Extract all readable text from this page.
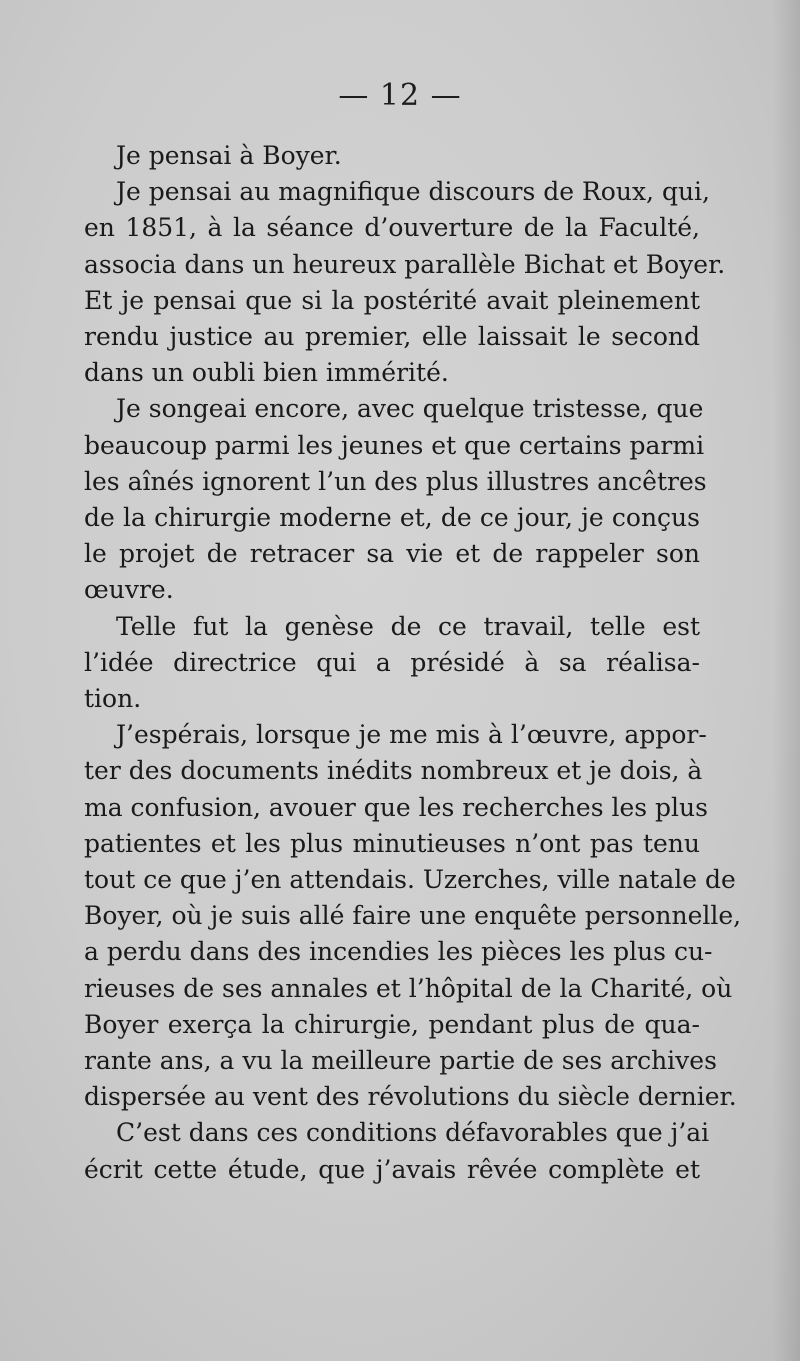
— 12 —
Je pensai à Boyer.
Je pensai au magnifique discours de Roux, qui,
en 1851, à la séance d’ouverture de la Faculté,
associa dans un heureux parallèle Bichat et Boyer.
Et je pensai que si la postérité avait pleinement
rendu justice au premier, elle laissait le second
dans un oubli bien immérité.
Je songeai encore, avec quelque tristesse, que
beaucoup parmi les jeunes et que certains parmi
les aînés ignorent l’un des plus illustres ancêtres
de la chirurgie moderne et, de ce jour, je conçus
le projet de retracer sa vie et de rappeler son
œuvre.
Telle fut la genèse de ce travail, telle est
l’idée directrice qui a présidé à sa réalisa-
tion.
J’espérais, lorsque je me mis à l’œuvre, appor-
ter des documents inédits nombreux et je dois, à
ma confusion, avouer que les recherches les plus
patientes et les plus minutieuses n’ont pas tenu
tout ce que j’en attendais. Uzerches, ville natale de
Boyer, où je suis allé faire une enquête personnelle,
a perdu dans des incendies les pièces les plus cu-
rieuses de ses annales et l’hôpital de la Charité, où
Boyer exerça la chirurgie, pendant plus de qua-
rante ans, a vu la meilleure partie de ses archives
dispersée au vent des révolutions du siècle dernier.
C’est dans ces conditions défavorables que j’ai
écrit cette étude, que j’avais rêvée complète et
